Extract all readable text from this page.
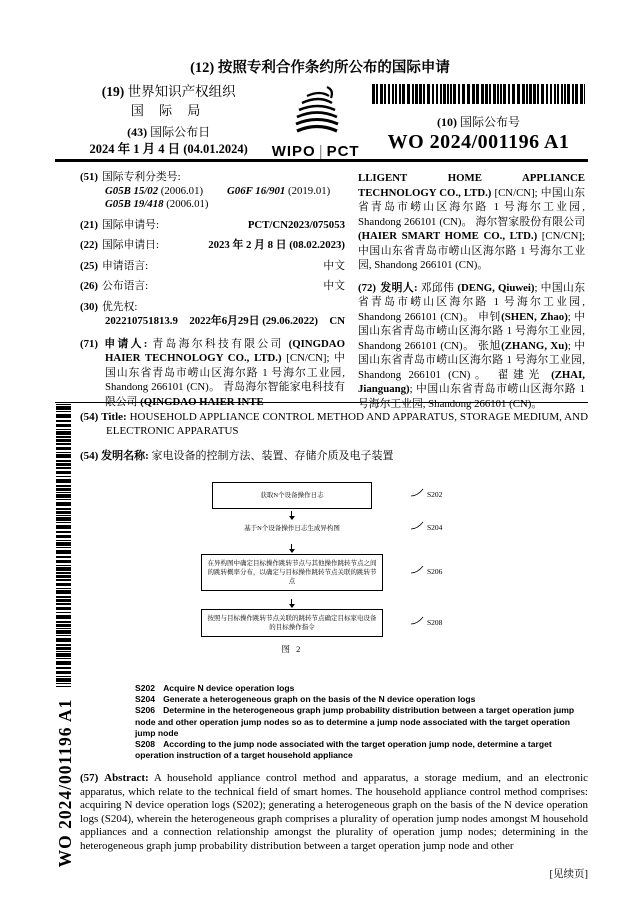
(12) 按照专利合作条约所公布的国际申请
(19) 世界知识产权组织
国 际 局
(43) 国际公布日
2024 年 1 月 4 日 (04.01.2024)	WIPO | PCT
(10) 国际公布号
WO 2024/001196 A1
(51) 国际专利分类号:
G05B 15/02 (2006.01)	G06F 16/901 (2019.01)
G05B 19/418 (2006.01)
(21) 国际申请号:	PCT/CN2023/075053
(22) 国际申请日:	2023 年 2 月 8 日 (08.02.2023)
(25) 申请语言:	中文
(26) 公布语言:	中文
(30) 优先权:
202210751813.9 2022年6月29日 (29.06.2022) CN
(71) 申请人: 青岛海尔科技有限公司 (QINGDAO HAIER TECHNOLOGY CO., LTD.) [CN/CN]; 中国山东省青岛市崂山区海尔路 1 号海尔工业园, Shandong 266101 (CN)。 青岛海尔智能家电科技有限公司 (QINGDAO HAIER INTE-
LLIGENT HOME APPLIANCE TECHNOLOGY CO., LTD.) [CN/CN]; 中国山东省青岛市崂山区海尔路 1 号海尔工业园, Shandong 266101 (CN)。 海尔智家股份有限公司(HAIER SMART HOME CO., LTD.) [CN/CN]; 中国山东省青岛市崂山区海尔路 1 号海尔工业园, Shandong 266101 (CN)。
(72) 发明人: 邓邱伟 (DENG, Qiuwei); 中国山东省青岛市崂山区海尔路 1 号海尔工业园, Shandong 266101 (CN)。 申钊(SHEN, Zhao); 中国山东省青岛市崂山区海尔路 1 号海尔工业园, Shandong 266101 (CN)。 张旭(ZHANG, Xu); 中国山东省青岛市崂山区海尔路 1 号海尔工业园, Shandong 266101 (CN)。 翟建光 (ZHAI, Jianguang); 中国山东省青岛市崂山区海尔路 1 号海尔工业园, Shandong 266101 (CN)。
(54) Title: HOUSEHOLD APPLIANCE CONTROL METHOD AND APPARATUS, STORAGE MEDIUM, AND ELECTRONIC APPARATUS
(54) 发明名称: 家电设备的控制方法、装置、存储介质及电子装置
获取N个设备操作日志	S202
基于N个设备操作日志生成异构图	S204
在异构图中确定目标操作跳转节点与其他操作跳转节点之间的跳转概率分布，以确定与目标操作跳转节点关联的跳转节点
S206
按照与目标操作跳转节点关联的跳转节点确定目标家电设备的目标操作指令
S208
图 2
S202 Acquire N device operation logs
S204 Generate a heterogeneous graph on the basis of the N device operation logs
S206 Determine in the heterogeneous graph jump probability distribution between a target operation jump node and other operation jump nodes so as to determine a jump node associated with the target operation jump node
S208 According to the jump node associated with the target operation jump node, determine a target operation instruction of a target household appliance
(57) Abstract: A household appliance control method and apparatus, a storage medium, and an electronic apparatus, which relate to the technical field of smart homes. The household appliance control method comprises: acquiring N device operation logs (S202); generating a heterogeneous graph on the basis of the N device operation logs (S204), wherein the heterogeneous graph comprises a plurality of operation jump nodes amongst M household appliances and a connection relationship amongst the plurality of operation jump nodes; determining in the heterogeneous graph jump probability distribution between a target operation jump node and other
[见续页]
WO 2024/001196 A1
